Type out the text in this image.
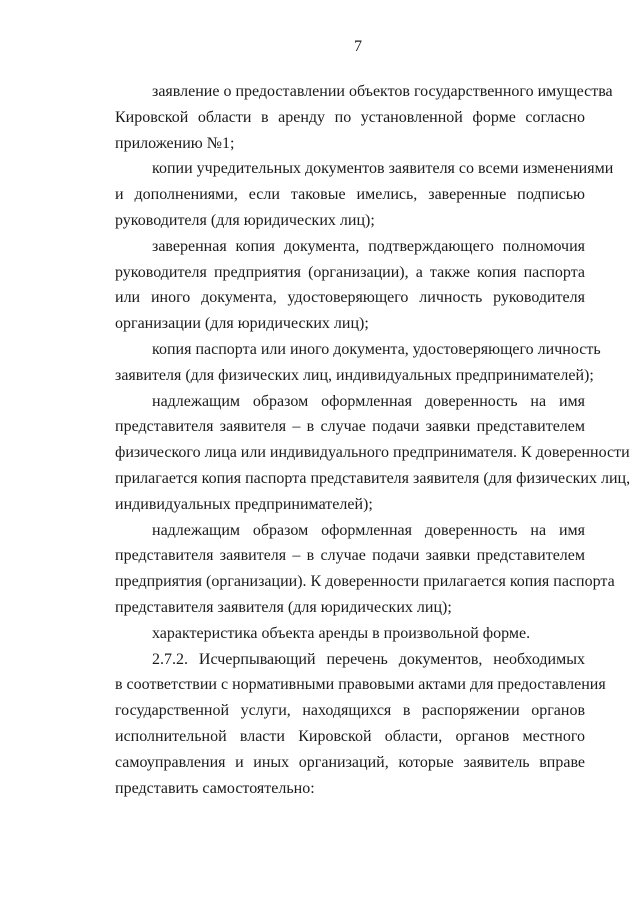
7
заявление о предоставлении объектов государственного имущества
Кировской области в аренду по установленной форме согласно
приложению №1;
копии учредительных документов заявителя со всеми изменениями
и дополнениями, если таковые имелись, заверенные подписью
руководителя (для юридических лиц);
заверенная копия документа, подтверждающего полномочия
руководителя предприятия (организации), а также копия паспорта
или иного документа, удостоверяющего личность руководителя
организации (для юридических лиц);
копия паспорта или иного документа, удостоверяющего личность
заявителя (для физических лиц, индивидуальных предпринимателей);
надлежащим образом оформленная доверенность на имя
представителя заявителя – в случае подачи заявки представителем
физического лица или индивидуального предпринимателя. К доверенности
прилагается копия паспорта представителя заявителя (для физических лиц,
индивидуальных предпринимателей);
надлежащим образом оформленная доверенность на имя
представителя заявителя – в случае подачи заявки представителем
предприятия (организации). К доверенности прилагается копия паспорта
представителя заявителя (для юридических лиц);
характеристика объекта аренды в произвольной форме.
2.7.2. Исчерпывающий перечень документов, необходимых
в соответствии с нормативными правовыми актами для предоставления
государственной услуги, находящихся в распоряжении органов
исполнительной власти Кировской области, органов местного
самоуправления и иных организаций, которые заявитель вправе
представить самостоятельно:
